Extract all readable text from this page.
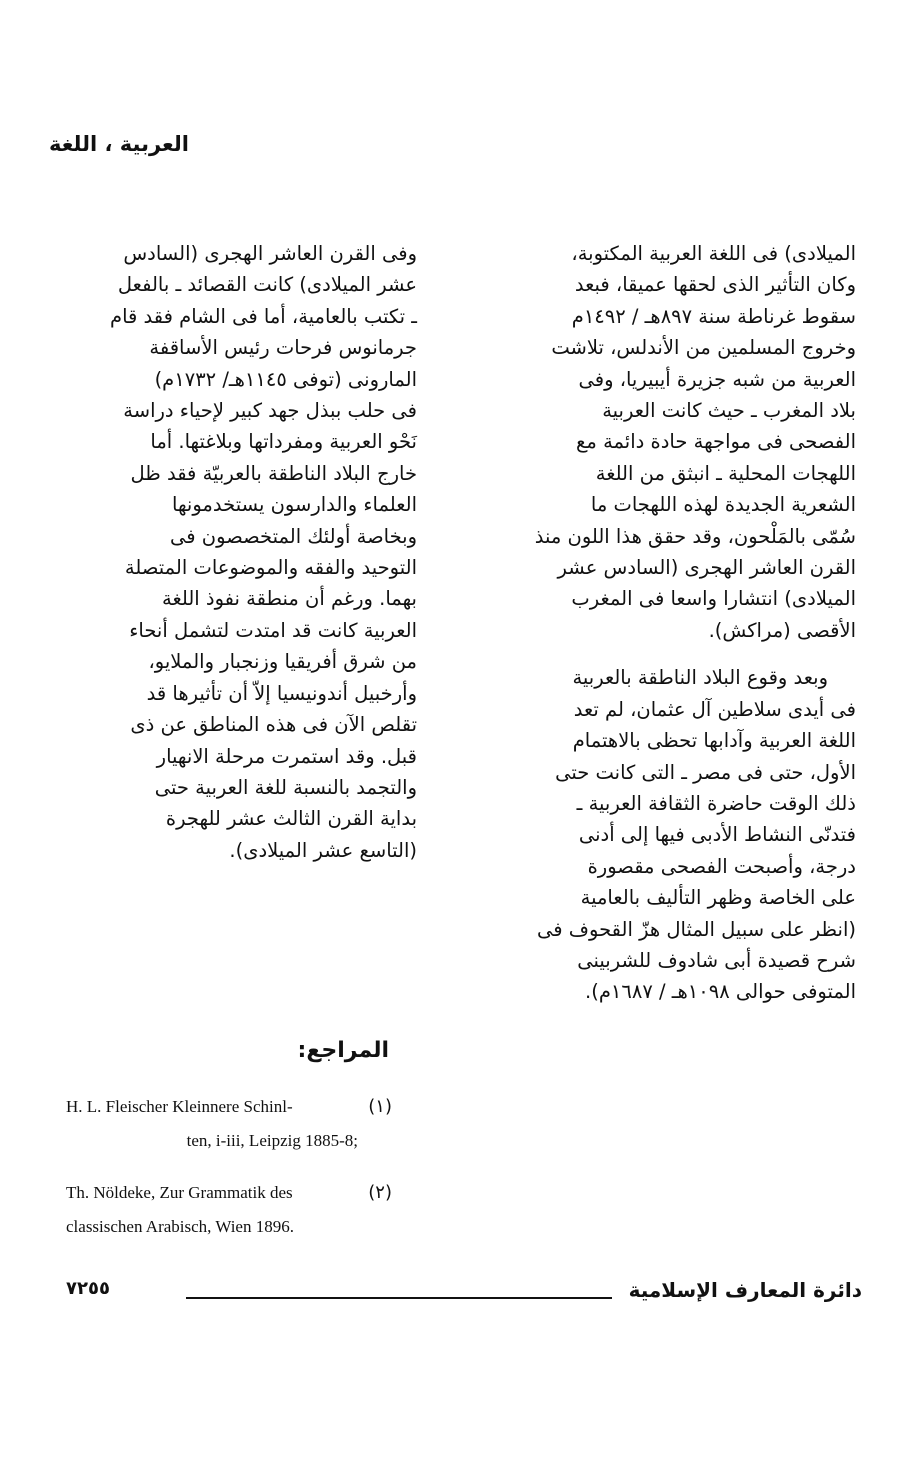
العربية ، اللغة

الميلادى) فى اللغة العربية المكتوبة،
وكان التأثير الذى لحقها عميقا، فبعد
سقوط غرناطة سنة ٨٩٧هـ / ١٤٩٢م
وخروج المسلمين من الأندلس، تلاشت
العربية من شبه جزيرة أيبيريا، وفى
بلاد المغرب ـ حيث كانت العربية
الفصحى فى مواجهة حادة دائمة مع
اللهجات المحلية ـ انبثق من اللغة
الشعرية الجديدة لهذه اللهجات ما
سُمّى بالمَلْحون، وقد حقق هذا اللون منذ
القرن العاشر الهجرى (السادس عشر
الميلادى) انتشارا واسعا فى المغرب
الأقصى (مراكش).

وبعد وقوع البلاد الناطقة بالعربية
فى أيدى سلاطين آل عثمان، لم تعد
اللغة العربية وآدابها تحظى بالاهتمام
الأول، حتى فى مصر ـ التى كانت حتى
ذلك الوقت حاضرة الثقافة العربية ـ
فتدنّى النشاط الأدبى فيها إلى أدنى
درجة، وأصبحت الفصحى مقصورة
على الخاصة وظهر التأليف بالعامية
(انظر على سبيل المثال هزّ القحوف فى
شرح قصيدة أبى شادوف للشربينى
المتوفى حوالى ١٠٩٨هـ / ١٦٨٧م).

وفى القرن العاشر الهجرى (السادس
عشر الميلادى) كانت القصائد ـ بالفعل
ـ تكتب بالعامية، أما فى الشام فقد قام
جرمانوس فرحات رئيس الأساقفة
المارونى (توفى ١١٤٥هـ/ ١٧٣٢م)
فى حلب ببذل جهد كبير لإحياء دراسة
نَحْو العربية ومفرداتها وبلاغتها. أما
خارج البلاد الناطقة بالعربيّة فقد ظل
العلماء والدارسون يستخدمونها
وبخاصة أولئك المتخصصون فى
التوحيد والفقه والموضوعات المتصلة
بهما. ورغم أن منطقة نفوذ اللغة
العربية كانت قد امتدت لتشمل أنحاء
من شرق أفريقيا وزنجبار والملايو،
وأرخبيل أندونيسيا إلاّ أن تأثيرها قد
تقلص الآن فى هذه المناطق عن ذى
قبل. وقد استمرت مرحلة الانهيار
والتجمد بالنسبة للغة العربية حتى
بداية القرن الثالث عشر للهجرة
(التاسع عشر الميلادى).

المراجع:
(١)
H. L. Fleischer Kleinnere Schinl-
ten, i-iii, Leipzig 1885-8;
(٢)
Th. Nöldeke, Zur Grammatik des
classischen Arabisch, Wien 1896.
٧٢٥٥	دائرة المعارف الإسلامية
